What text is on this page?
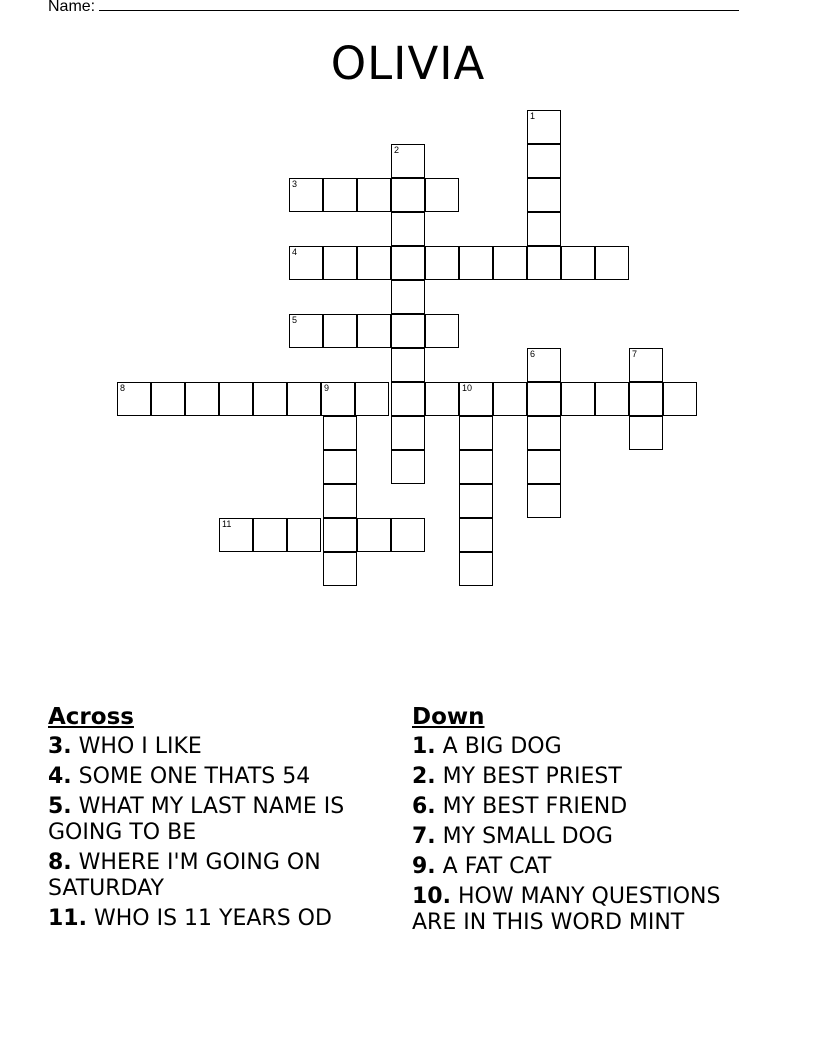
Name:
OLIVIA
1
2
3
4
5
6	7
8	9	10
11
Across
3. WHO I LIKE
4. SOME ONE THATS 54
5. WHAT MY LAST NAME IS GOING TO BE
8. WHERE I'M GOING ON SATURDAY
11. WHO IS 11 YEARS OD
Down
1. A BIG DOG
2. MY BEST PRIEST
6. MY BEST FRIEND
7. MY SMALL DOG
9. A FAT CAT
10. HOW MANY QUESTIONS ARE IN THIS WORD MINT
